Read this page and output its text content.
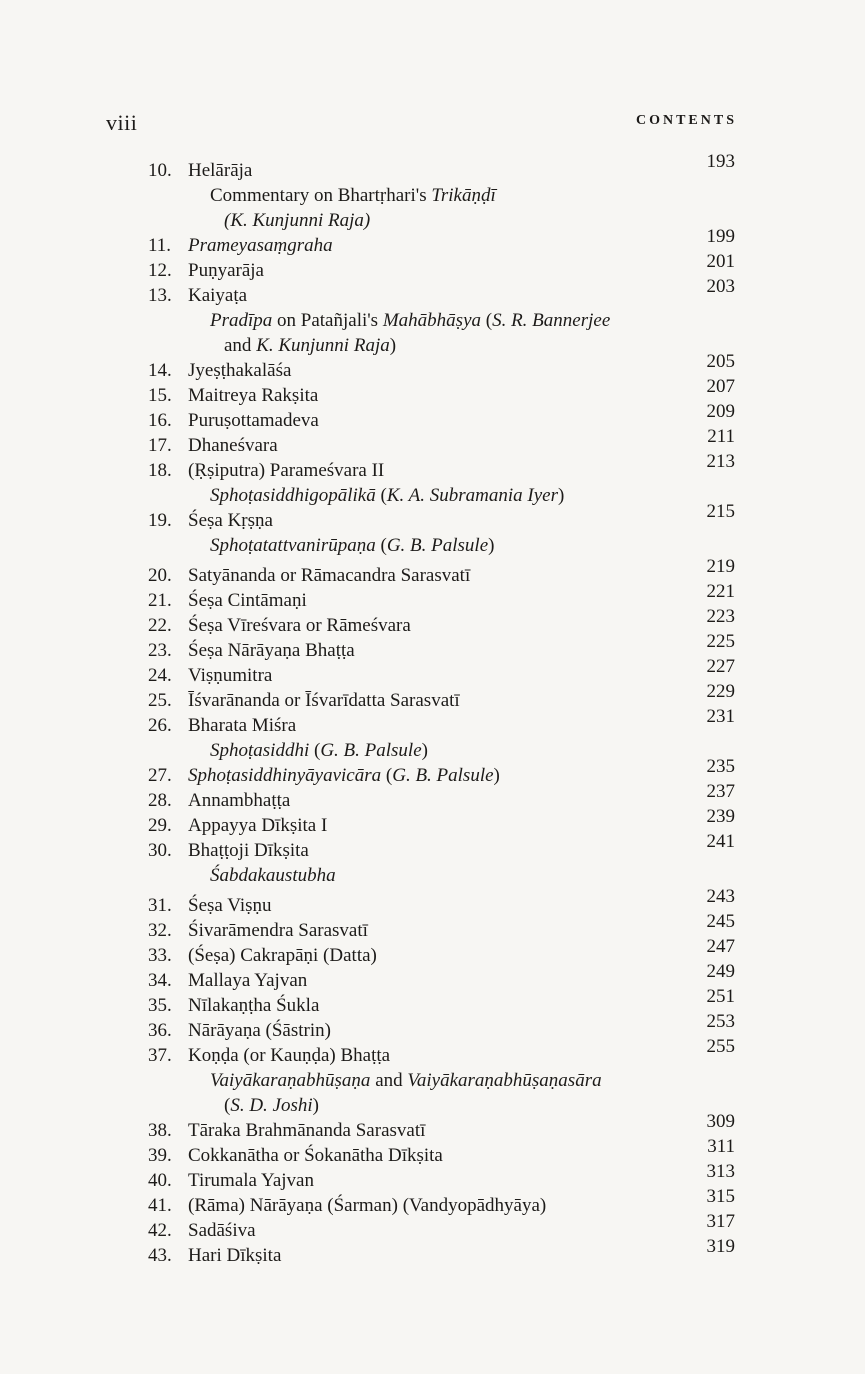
viii	CONTENTS
10. Helārāja	193
Commentary on Bhartṛhari's Trikāṇḍī
(K. Kunjunni Raja)
11. Prameyasaṃgraha	199
12. Puṇyarāja	201
13. Kaiyaṭa	203
Pradīpa on Patañjali's Mahābhāṣya (S. R. Bannerjee
and K. Kunjunni Raja)
14. Jyeṣṭhakalāśa	205
15. Maitreya Rakṣita	207
16. Puruṣottamadeva	209
17. Dhaneśvara	211
18. (Ṛṣiputra) Parameśvara II	213
Sphoṭasiddhigopālikā (K. A. Subramania Iyer)
19. Śeṣa Kṛṣṇa	215
Sphoṭatattvanirūpaṇa (G. B. Palsule)
20. Satyānanda or Rāmacandra Sarasvatī	219
21. Śeṣa Cintāmaṇi	221
22. Śeṣa Vīreśvara or Rāmeśvara	223
23. Śeṣa Nārāyaṇa Bhaṭṭa	225
24. Viṣṇumitra	227
25. Īśvarānanda or Īśvarīdatta Sarasvatī	229
26. Bharata Miśra	231
Sphoṭasiddhi (G. B. Palsule)
27. Sphoṭasiddhinyāyavicāra (G. B. Palsule)	235
28. Annambhaṭṭa	237
29. Appayya Dīkṣita I	239
30. Bhaṭṭoji Dīkṣita	241
Śabdakaustubha
31. Śeṣa Viṣṇu	243
32. Śivarāmendra Sarasvatī	245
33. (Śeṣa) Cakrapāṇi (Datta)	247
34. Mallaya Yajvan	249
35. Nīlakaṇṭha Śukla	251
36. Nārāyaṇa (Śāstrin)	253
37. Koṇḍa (or Kauṇḍa) Bhaṭṭa	255
Vaiyākaraṇabhūṣaṇa and Vaiyākaraṇabhūṣaṇasāra
(S. D. Joshi)
38. Tāraka Brahmānanda Sarasvatī	309
39. Cokkanātha or Śokanātha Dīkṣita	311
40. Tirumala Yajvan	313
41. (Rāma) Nārāyaṇa (Śarman) (Vandyopādhyāya)	315
42. Sadāśiva	317
43. Hari Dīkṣita	319
